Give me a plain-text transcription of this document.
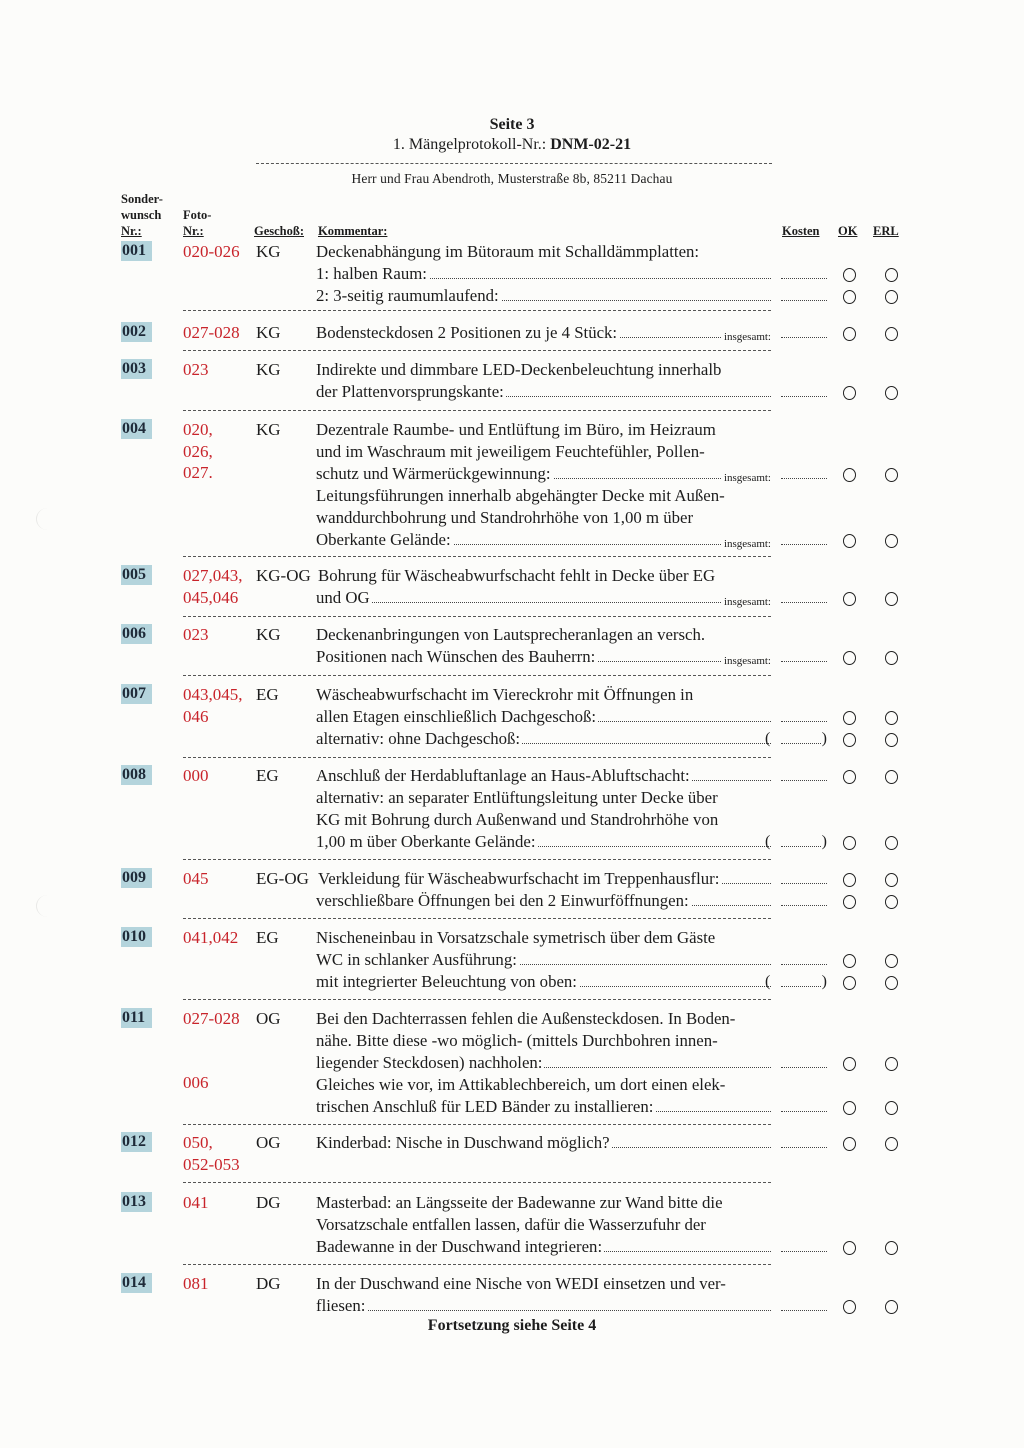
Seite 3
1. Mängelprotokoll-Nr.: DNM-02-21
Herr und Frau Abendroth, Musterstraße 8b, 85211 Dachau
Sonder-
wunsch
Nr.:
Foto-
Nr.:	Geschoß: Kommentar:	Kosten OK ERL
001	020-026 KG Deckenabhängung im Bütoraum mit Schalldämmplatten:
1: halben Raum:
2: 3-seitig raumumlaufend:
002	027-028 KG Bodensteckdosen 2 Positionen zu je 4 Stück:	insgesamt:
003	023	KG Indirekte und dimmbare LED-Deckenbeleuchtung innerhalb
der Plattenvorsprungskante:
004	020,
026,
027.
KG Dezentrale Raumbe- und Entlüftung im Büro, im Heizraum
und im Waschraum mit jeweiligem Feuchtefühler, Pollen-
schutz und Wärmerückgewinnung:	insgesamt:
Leitungsführungen innerhalb abgehängter Decke mit Außen-
wanddurchbohrung und Standrohrhöhe von 1,00 m über
Oberkante Gelände:	insgesamt:
005	027,043,
045,046
KG-OG Bohrung für Wäscheabwurfschacht fehlt in Decke über EG
und OG	insgesamt:
006	023	KG Deckenanbringungen von Lautsprecheranlagen an versch.
Positionen nach Wünschen des Bauherrn:	insgesamt:
007	043,045,
046
EG Wäscheabwurfschacht im Viereckrohr mit Öffnungen in
allen Etagen einschließlich Dachgeschoß:
alternativ: ohne Dachgeschoß:	( )
008	000	EG Anschluß der Herdabluftanlage an Haus-Abluftschacht:
alternativ: an separater Entlüftungsleitung unter Decke über
KG mit Bohrung durch Außenwand und Standrohrhöhe von
1,00 m über Oberkante Gelände:	( )
009	045	EG-OG Verkleidung für Wäscheabwurfschacht im Treppenhausflur:
verschließbare Öffnungen bei den 2 Einwurföffnungen:
010	041,042 EG Nischeneinbau in Vorsatzschale symetrisch über dem Gäste
WC in schlanker Ausführung:
mit integrierter Beleuchtung von oben:	( )
011	027-028
006
OG Bei den Dachterrassen fehlen die Außensteckdosen. In Boden-
nähe. Bitte diese -wo möglich- (mittels Durchbohren innen-
liegender Steckdosen) nachholen:
Gleiches wie vor, im Attikablechbereich, um dort einen elek-
trischen Anschluß für LED Bänder zu installieren:
012	050,
052-053
OG Kinderbad: Nische in Duschwand möglich?
013	041	DG Masterbad: an Längsseite der Badewanne zur Wand bitte die
Vorsatzschale entfallen lassen, dafür die Wasserzufuhr der
Badewanne in der Duschwand integrieren:
014	081	DG In der Duschwand eine Nische von WEDI einsetzen und ver-
fliesen:
Fortsetzung siehe Seite 4
